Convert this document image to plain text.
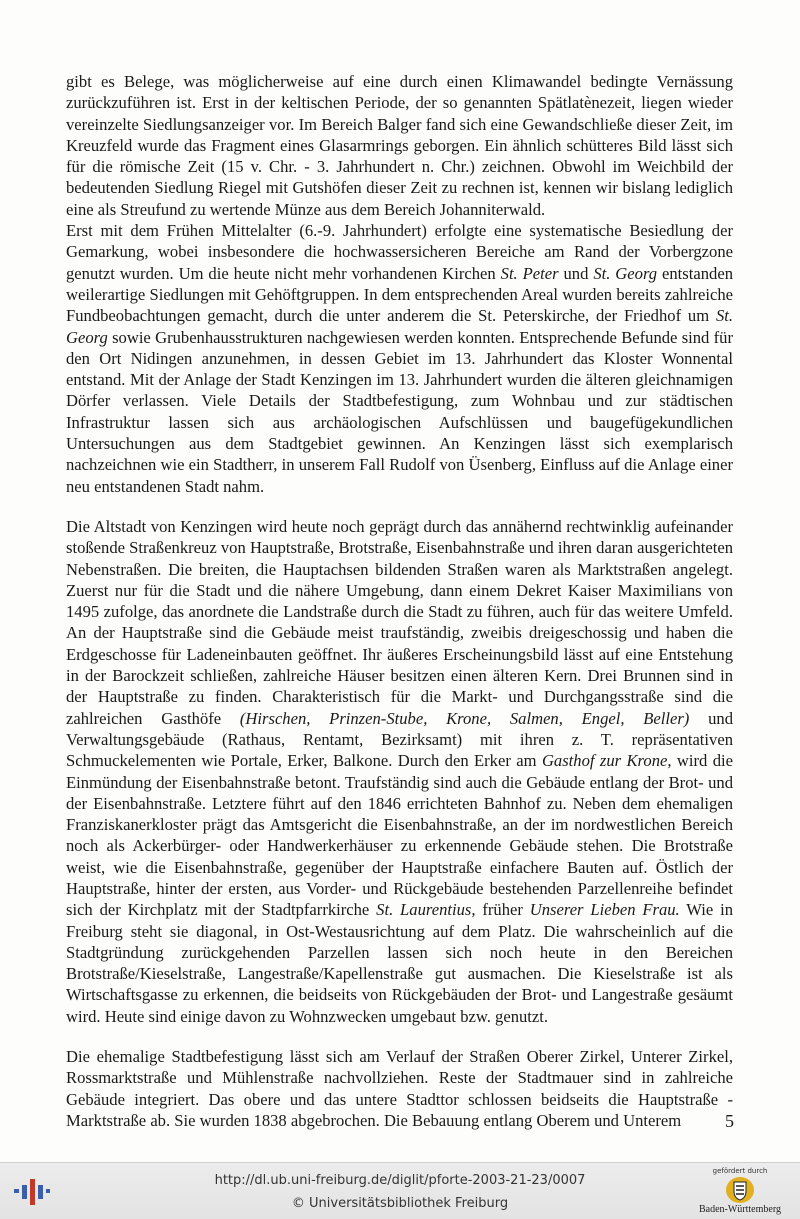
gibt es Belege, was möglicherweise auf eine durch einen Klimawandel bedingte Vernässung zurückzuführen ist. Erst in der keltischen Periode, der so genannten Spätlatènezeit, liegen wieder vereinzelte Siedlungsanzeiger vor. Im Bereich Balger fand sich eine Gewandschließe dieser Zeit, im Kreuzfeld wurde das Fragment eines Glasarmrings geborgen. Ein ähnlich schütteres Bild lässt sich für die römische Zeit (15 v. Chr. - 3. Jahrhundert n. Chr.) zeichnen. Obwohl im Weichbild der bedeutenden Siedlung Riegel mit Gutshöfen dieser Zeit zu rechnen ist, kennen wir bislang lediglich eine als Streufund zu wertende Münze aus dem Bereich Johanniterwald.

Erst mit dem Frühen Mittelalter (6.-9. Jahrhundert) erfolgte eine systematische Besiedlung der Gemarkung, wobei insbesondere die hochwassersicheren Bereiche am Rand der Vorbergzone genutzt wurden. Um die heute nicht mehr vorhandenen Kirchen St. Peter und St. Georg entstanden weilerartige Siedlungen mit Gehöftgruppen. In dem entsprechenden Areal wurden bereits zahlreiche Fundbeobachtungen gemacht, durch die unter anderem die St. Peterskirche, der Friedhof um St. Georg sowie Grubenhausstrukturen nachgewiesen werden konnten. Entsprechende Befunde sind für den Ort Nidingen anzunehmen, in dessen Gebiet im 13. Jahrhundert das Kloster Wonnental entstand. Mit der Anlage der Stadt Kenzingen im 13. Jahrhundert wurden die älteren gleichnamigen Dörfer verlassen. Viele Details der Stadtbefestigung, zum Wohnbau und zur städtischen Infrastruktur lassen sich aus archäologischen Aufschlüssen und baugefügekundlichen Untersuchungen aus dem Stadtgebiet gewinnen. An Kenzingen lässt sich exemplarisch nachzeichnen wie ein Stadtherr, in unserem Fall Rudolf von Üsenberg, Einfluss auf die Anlage einer neu entstandenen Stadt nahm.

Die Altstadt von Kenzingen wird heute noch geprägt durch das annähernd rechtwinklig aufeinander stoßende Straßenkreuz von Hauptstraße, Brotstraße, Eisenbahnstraße und ihren daran ausgerichteten Nebenstraßen. Die breiten, die Hauptachsen bildenden Straßen waren als Marktstraßen angelegt. Zuerst nur für die Stadt und die nähere Umgebung, dann einem Dekret Kaiser Maximilians von 1495 zufolge, das anordnete die Landstraße durch die Stadt zu führen, auch für das weitere Umfeld. An der Hauptstraße sind die Gebäude meist traufständig, zweibis dreigeschossig und haben die Erdgeschosse für Ladeneinbauten geöffnet. Ihr äußeres Erscheinungsbild lässt auf eine Entstehung in der Barockzeit schließen, zahlreiche Häuser besitzen einen älteren Kern. Drei Brunnen sind in der Hauptstraße zu finden. Charakteristisch für die Markt- und Durchgangsstraße sind die zahlreichen Gasthöfe (Hirschen, Prinzen-Stube, Krone, Salmen, Engel, Beller) und Verwaltungsgebäude (Rathaus, Rentamt, Bezirksamt) mit ihren z. T. repräsentativen Schmuckelementen wie Portale, Erker, Balkone. Durch den Erker am Gasthof zur Krone, wird die Einmündung der Eisenbahnstraße betont. Traufständig sind auch die Gebäude entlang der Brot- und der Eisenbahnstraße. Letztere führt auf den 1846 errichteten Bahnhof zu. Neben dem ehemaligen Franziskanerkloster prägt das Amtsgericht die Eisenbahnstraße, an der im nordwestlichen Bereich noch als Ackerbürger- oder Handwerkerhäuser zu erkennende Gebäude stehen. Die Brotstraße weist, wie die Eisenbahnstraße, gegenüber der Hauptstraße einfachere Bauten auf. Östlich der Hauptstraße, hinter der ersten, aus Vorder- und Rückgebäude bestehenden Parzellenreihe befindet sich der Kirchplatz mit der Stadtpfarrkirche St. Laurentius, früher Unserer Lieben Frau. Wie in Freiburg steht sie diagonal, in Ost-Westausrichtung auf dem Platz. Die wahrscheinlich auf die Stadtgründung zurückgehenden Parzellen lassen sich noch heute in den Bereichen Brotstraße/Kieselstraße, Langestraße/Kapellenstraße gut ausmachen. Die Kieselstraße ist als Wirtschaftsgasse zu erkennen, die beidseits von Rückgebäuden der Brot- und Langestraße gesäumt wird. Heute sind einige davon zu Wohnzwecken umgebaut bzw. genutzt.

Die ehemalige Stadtbefestigung lässt sich am Verlauf der Straßen Oberer Zirkel, Unterer Zirkel, Rossmarktstraße und Mühlenstraße nachvollziehen. Reste der Stadtmauer sind in zahlreiche Gebäude integriert. Das obere und das untere Stadttor schlossen beidseits die Hauptstraße - Marktstraße ab. Sie wurden 1838 abgebrochen. Die Bebauung entlang Oberem und Unterem	5
http://dl.ub.uni-freiburg.de/diglit/pforte-2003-21-23/0007
© Universitätsbibliothek Freiburg
gefördert durch
Baden-Württemberg
